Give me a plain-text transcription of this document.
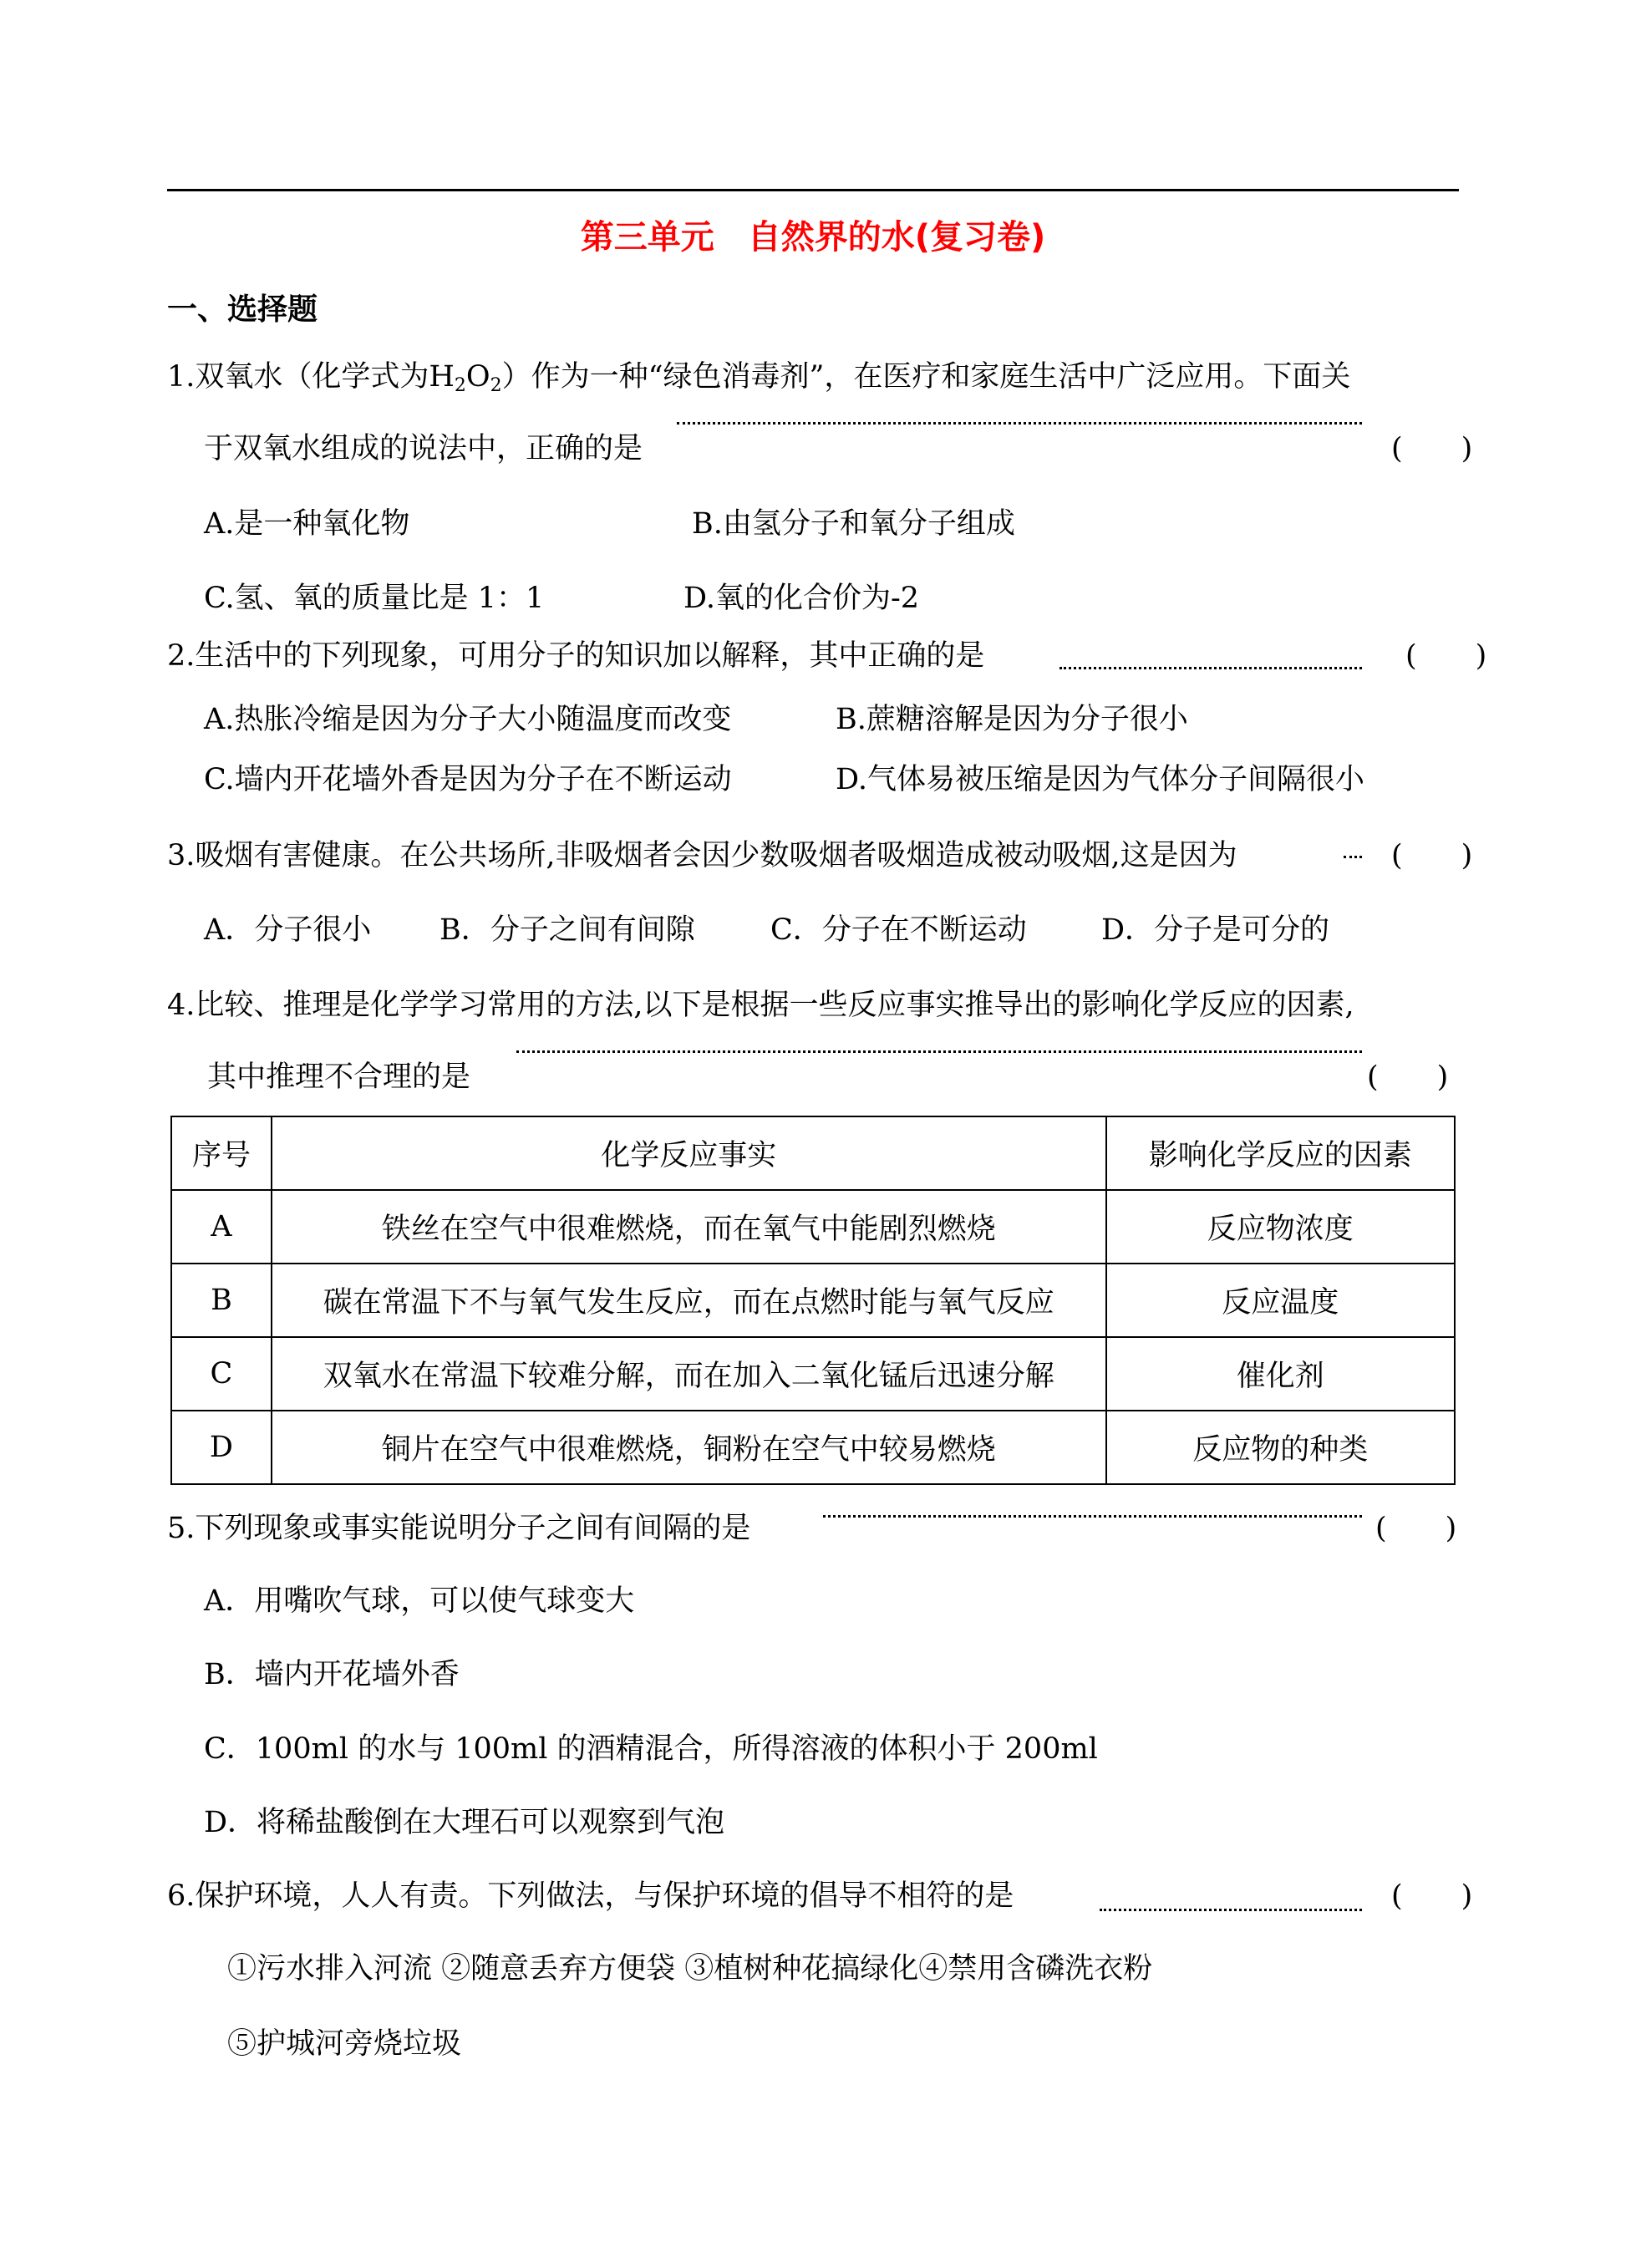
第三单元　自然界的水(复习卷)
一、选择题
1.双氧水（化学式为$H_2O_2$）作为一种“绿色消毒剂”，在医疗和家庭生活中广泛应用。下面关
于双氧水组成的说法中，正确的是	(　　)
A.是一种氧化物	B.由氢分子和氧分子组成
C.氢、氧的质量比是 1：1	D.氧的化合价为-2
2.生活中的下列现象，可用分子的知识加以解释，其中正确的是	(　　)
A.热胀冷缩是因为分子大小随温度而改变	B.蔗糖溶解是因为分子很小
C.墙内开花墙外香是因为分子在不断运动	D.气体易被压缩是因为气体分子间隔很小
3.吸烟有害健康。在公共场所,非吸烟者会因少数吸烟者吸烟造成被动吸烟,这是因为	(　　)
A．分子很小 B．分子之间有间隙	C．分子在不断运动	D．分子是可分的
4.比较、推理是化学学习常用的方法,以下是根据一些反应事实推导出的影响化学反应的因素,
其中推理不合理的是	(　　)
序号	化学反应事实	影响化学反应的因素
A	铁丝在空气中很难燃烧，而在氧气中能剧烈燃烧	反应物浓度
B	碳在常温下不与氧气发生反应，而在点燃时能与氧气反应	反应温度
C	双氧水在常温下较难分解，而在加入二氧化锰后迅速分解	催化剂
D	铜片在空气中很难燃烧，铜粉在空气中较易燃烧	反应物的种类
5.下列现象或事实能说明分子之间有间隔的是	(　　)
A．用嘴吹气球，可以使气球变大
B．墙内开花墙外香
C．100ml 的水与 100ml 的酒精混合，所得溶液的体积小于 200ml
D．将稀盐酸倒在大理石可以观察到气泡
6.保护环境，人人有责。下列做法，与保护环境的倡导不相符的是	(　　)
①污水排入河流 ②随意丢弃方便袋 ③植树种花搞绿化④禁用含磷洗衣粉
⑤护城河旁烧垃圾
